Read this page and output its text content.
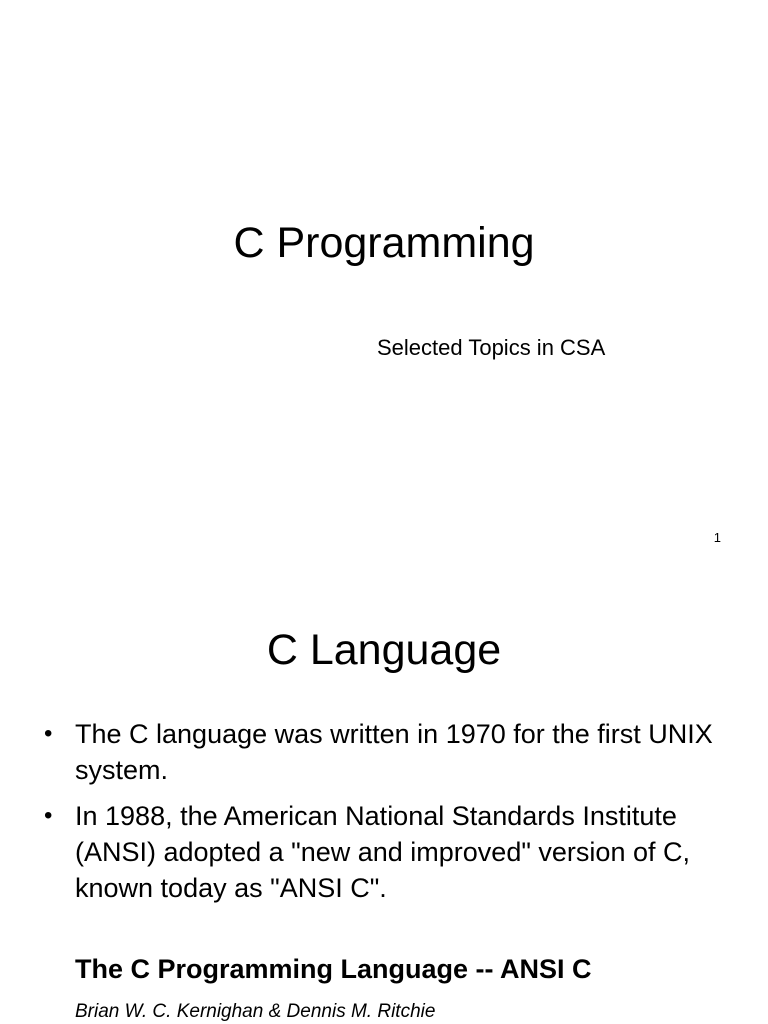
C Programming
Selected Topics in CSA
1
C Language
• The C language was written in 1970 for the first UNIX system.
• In 1988, the American National Standards Institute (ANSI) adopted a "new and improved" version of C, known today as "ANSI C".
The C Programming Language -- ANSI C
Brian W. C. Kernighan & Dennis M. Ritchie
